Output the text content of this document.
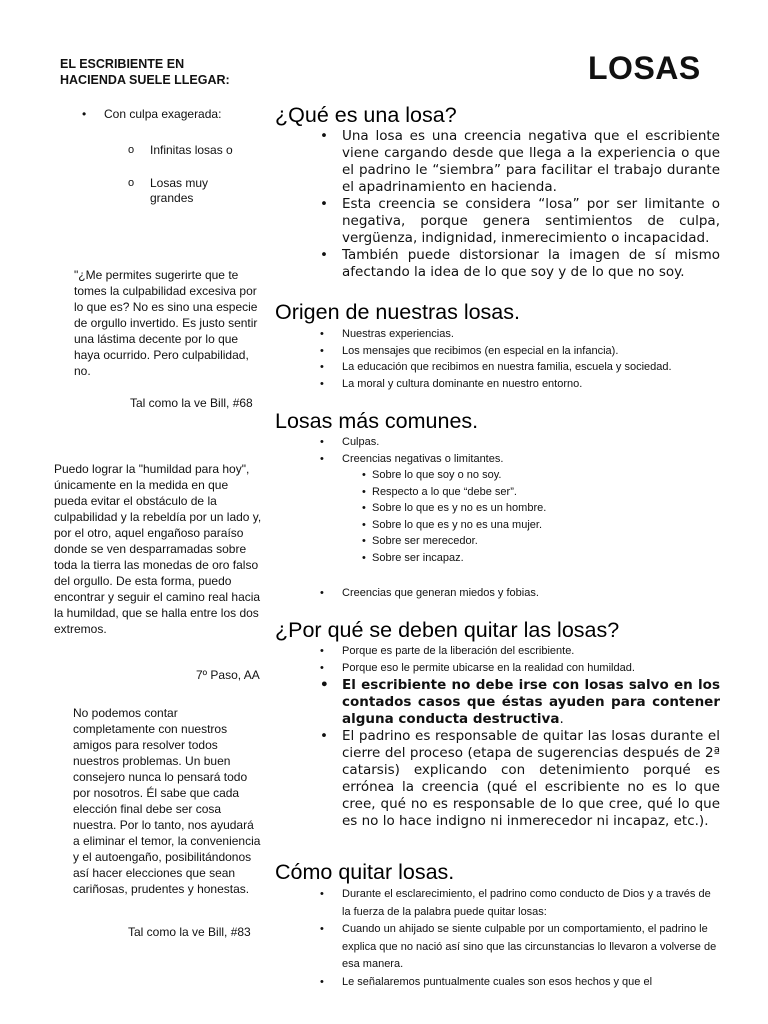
EL ESCRIBIENTE EN
HACIENDA SUELE LLEGAR:
• Con culpa exagerada:
o Infinitas losas o
o Losas muy
grandes
"¿Me permites sugerirte que te tomes la culpabilidad excesiva por lo que es? No es sino una especie de orgullo invertido. Es justo sentir una lástima decente por lo que haya ocurrido. Pero culpabilidad, no.
Tal como la ve Bill, #68
Puedo lograr la "humildad para hoy", únicamente en la medida en que pueda evitar el obstáculo de la culpabilidad y la rebeldía por un lado y, por el otro, aquel engañoso paraíso donde se ven desparramadas sobre toda la tierra las monedas de oro falso del orgullo. De esta forma, puedo encontrar y seguir el camino real hacia la humildad, que se halla entre los dos extremos.
7º Paso, AA
No podemos contar completamente con nuestros amigos para resolver todos nuestros problemas. Un buen consejero nunca lo pensará todo por nosotros. Él sabe que cada elección final debe ser cosa nuestra. Por lo tanto, nos ayudará a eliminar el temor, la conveniencia y el autoengaño, posibilitándonos así hacer elecciones que sean cariñosas, prudentes y honestas.
Tal como la ve Bill, #83
LOSAS
¿Qué es una losa?
• Una losa es una creencia negativa que el escribiente viene cargando desde que llega a la experiencia o que el padrino le “siembra” para facilitar el trabajo durante el apadrinamiento en hacienda.
• Esta creencia se considera “losa” por ser limitante o negativa, porque genera sentimientos de culpa, vergüenza, indignidad, inmerecimiento o incapacidad.
• También puede distorsionar la imagen de sí mismo afectando la idea de lo que soy y de lo que no soy.
Origen de nuestras losas.
• Nuestras experiencias.
• Los mensajes que recibimos (en especial en la infancia).
• La educación que recibimos en nuestra familia, escuela y sociedad.
• La moral y cultura dominante en nuestro entorno.
Losas más comunes.
• Culpas.
• Creencias negativas o limitantes.
• Sobre lo que soy o no soy.
• Respecto a lo que “debe ser”.
• Sobre lo que es y no es un hombre.
• Sobre lo que es y no es una mujer.
• Sobre ser merecedor.
• Sobre ser incapaz.
• Creencias que generan miedos y fobias.
¿Por qué se deben quitar las losas?
• Porque es parte de la liberación del escribiente.
• Porque eso le permite ubicarse en la realidad con humildad.
• El escribiente no debe irse con losas salvo en los contados casos que éstas ayuden para contener alguna conducta destructiva.
• El padrino es responsable de quitar las losas durante el cierre del proceso (etapa de sugerencias después de 2ª catarsis) explicando con detenimiento porqué es errónea la creencia (qué el escribiente no es lo que cree, qué no es responsable de lo que cree, qué lo que es no lo hace indigno ni inmerecedor ni incapaz, etc.).
Cómo quitar losas.
• Durante el esclarecimiento, el padrino como conducto de Dios y a través de la fuerza de la palabra puede quitar losas:
• Cuando un ahijado se siente culpable por un comportamiento, el padrino le explica que no nació así sino que las circunstancias lo llevaron a volverse de esa manera.
• Le señalaremos puntualmente cuales son esos hechos y que el
